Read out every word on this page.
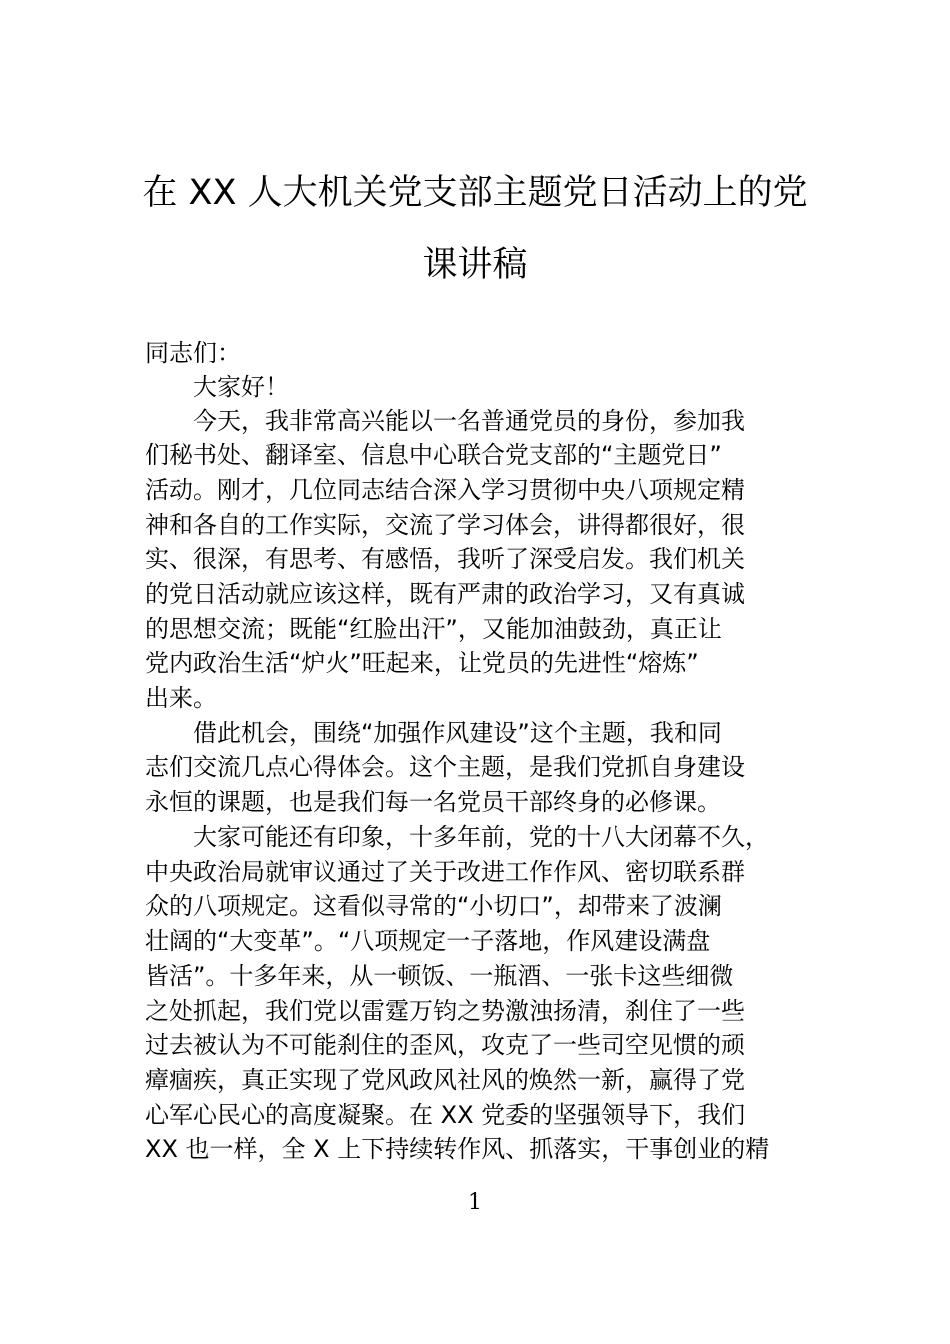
在 XX 人大机关党支部主题党日活动上的党
课讲稿

同志们：

大家好！

今天，我非常高兴能以一名普通党员的身份，参加我

们秘书处、翻译室、信息中心联合党支部的“主题党日”

活动。刚才，几位同志结合深入学习贯彻中央八项规定精

神和各自的工作实际，交流了学习体会，讲得都很好，很

实、很深，有思考、有感悟，我听了深受启发。我们机关

的党日活动就应该这样，既有严肃的政治学习，又有真诚

的思想交流；既能“红脸出汗”，又能加油鼓劲，真正让

党内政治生活“炉火”旺起来，让党员的先进性“熔炼”

出来。

借此机会，围绕“加强作风建设”这个主题，我和同

志们交流几点心得体会。这个主题，是我们党抓自身建设

永恒的课题，也是我们每一名党员干部终身的必修课。

大家可能还有印象，十多年前，党的十八大闭幕不久，

中央政治局就审议通过了关于改进工作作风、密切联系群

众的八项规定。这看似寻常的“小切口”，却带来了波澜

壮阔的“大变革”。“八项规定一子落地，作风建设满盘

皆活”。十多年来，从一顿饭、一瓶酒、一张卡这些细微

之处抓起，我们党以雷霆万钧之势激浊扬清，刹住了一些

过去被认为不可能刹住的歪风，攻克了一些司空见惯的顽

瘴痼疾，真正实现了党风政风社风的焕然一新，赢得了党

心军心民心的高度凝聚。在 XX 党委的坚强领导下，我们

XX 也一样，全 X 上下持续转作风、抓落实，干事创业的精

1
